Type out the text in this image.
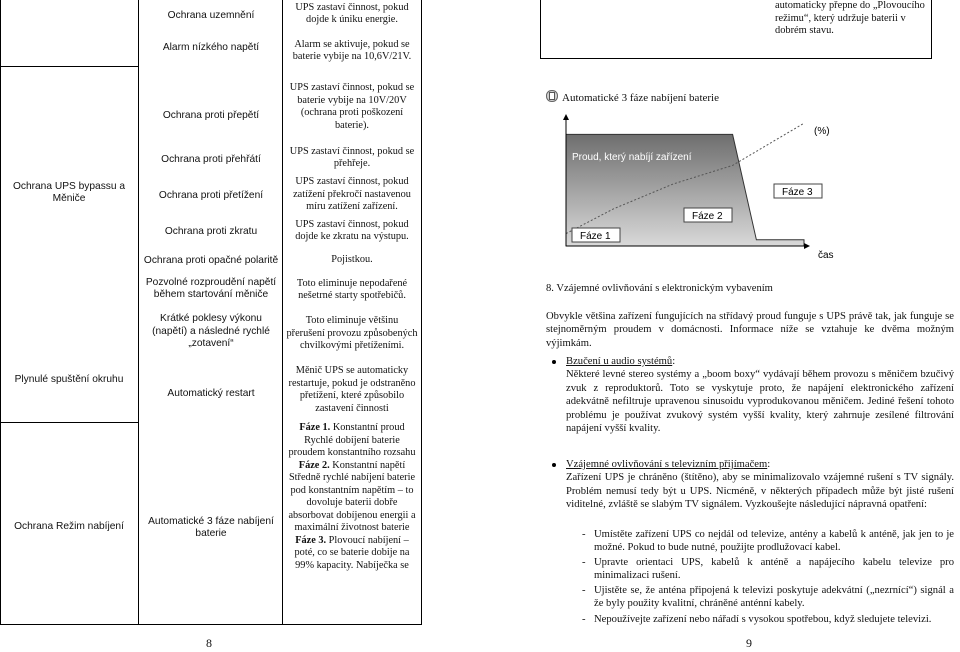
Ochrana UPS bypassu a Měniče
Plynulé spuštění okruhu
Ochrana Režim nabíjení
Ochrana uzemnění
Alarm nízkého napětí
Ochrana proti přepětí
Ochrana proti přehřátí
Ochrana proti přetížení
Ochrana proti zkratu
Ochrana proti opačné polaritě
Pozvolné rozproudění napětí během startování měniče
Krátké poklesy výkonu (napětí) a následné rychlé „zotavení“
Automatický restart
Automatické 3 fáze nabíjení baterie
UPS zastaví činnost, pokud dojde k úniku energie.
Alarm se aktivuje, pokud se baterie vybije na 10,6V/21V.
UPS zastaví činnost, pokud se baterie vybije na 10V/20V (ochrana proti poškození baterie).
UPS zastaví činnost, pokud se přehřeje.
UPS zastaví činnost, pokud zatížení překročí nastavenou míru zatížení zařízení.
UPS zastaví činnost, pokud dojde ke zkratu na výstupu.
Pojistkou.
Toto eliminuje nepodařené nešetrné starty spotřebičů.
Toto eliminuje většinu přerušení provozu způsobených chvilkovými přetíženími.
Měnič UPS se automaticky restartuje, pokud je odstraněno přetížení, které způsobilo zastavení činnosti
Fáze 1. Konstantní proud Rychlé dobíjení baterie proudem konstantního rozsahu
Fáze 2. Konstantní napětí Středně rychlé nabíjení baterie pod konstantním napětím – to dovoluje baterii dobře absorbovat dobíjenou energii a maximální životnost baterie
Fáze 3. Plovoucí nabíjení – poté, co se baterie dobije na 99% kapacity. Nabíječka se
8
automaticky přepne do „Plovoucího režimu“, který udržuje baterii v dobrém stavu.
Automatické 3 fáze nabíjení baterie
(%)
čas
Proud, který nabíjí zařízení	% dobití baterie
Fáze 1
Fáze 2
Fáze 3
8. Vzájemné ovlivňování s elektronickým vybavením
Obvykle většina zařízení fungujících na střídavý proud funguje s UPS právě tak, jak funguje se stejnoměrným proudem v domácnosti. Informace níže se vztahuje ke dvěma možným výjimkám.
Bzučení u audio systémů:
Některé levné stereo systémy a „boom boxy“ vydávají během provozu s měničem bzučivý zvuk z reproduktorů. Toto se vyskytuje proto, že napájení elektronického zařízení adekvátně nefiltruje upravenou sinusoidu vyprodukovanou měničem. Jediné řešení tohoto problému je používat zvukový systém vyšší kvality, který zahrnuje zesílené filtrování napájení vyšší kvality.
Vzájemné ovlivňování s televizním přijímačem:
Zařízení UPS je chráněno (štítěno), aby se minimalizovalo vzájemné rušení s TV signály. Problém nemusí tedy být u UPS. Nicméně, v některých případech může být jisté rušení viditelné, zvláště se slabým TV signálem. Vyzkoušejte následující nápravná opatření:
- Umístěte zařízení UPS co nejdál od televize, antény a kabelů k anténě, jak jen to je možné. Pokud to bude nutné, použijte prodlužovací kabel.
- Upravte orientaci UPS, kabelů k anténě a napájecího kabelu televize pro minimalizaci rušení.
- Ujistěte se, že anténa připojená k televizi poskytuje adekvátní („nezrnící“) signál a že byly použity kvalitní, chráněné anténní kabely.
- Nepoužívejte zařízení nebo nářadí s vysokou spotřebou, když sledujete televizi.
9
